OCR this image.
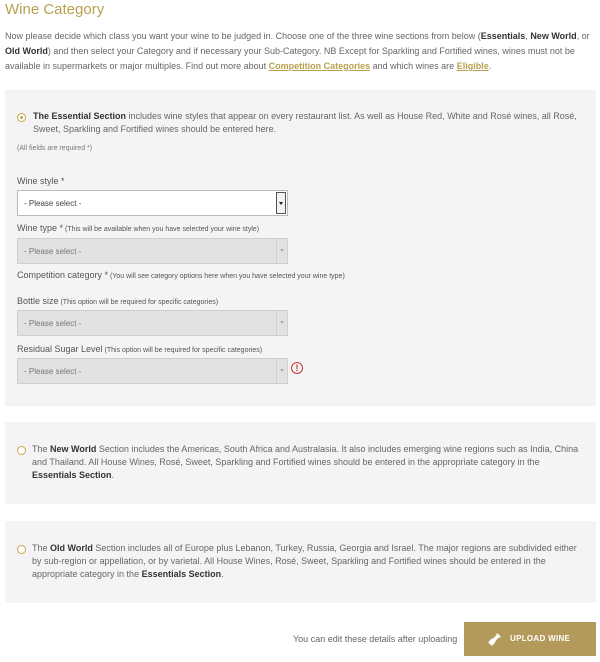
Wine Category

Now please decide which class you want your wine to be judged in. Choose one of the three wine sections from below (Essentials, New World, or Old World) and then select your Category and if necessary your Sub-Category. NB Except for Sparkling and Fortified wines, wines must not be available in supermarkets or major multiples. Find out more about Competition Categories and which wines are Eligible.

The Essential Section includes wine styles that appear on every restaurant list. As well as House Red, White and Rosé wines, all Rosé, Sweet, Sparkling and Fortified wines should be entered here.

(All fields are required *)
Wine style *
- Please select -
Wine type * (This will be available when you have selected your wine style)
- Please select -
Competition category * (You will see category options here when you have selected your wine type)
Bottle size (This option will be required for specific categories)
- Please select -
Residual Sugar Level (This option will be required for specific categories)
- Please select -	!

The New World Section includes the Americas, South Africa and Australasia. It also includes emerging wine regions such as India, China and Thailand. All House Wines, Rosé, Sweet, Sparkling and Fortified wines should be entered in the appropriate category in the Essentials Section.

The Old World Section includes all of Europe plus Lebanon, Turkey, Russia, Georgia and Israel. The major regions are subdivided either by sub-region or appellation, or by varietal. All House Wines, Rosé, Sweet, Sparkling and Fortified wines should be entered in the appropriate category in the Essentials Section.

You can edit these details after uploading	UPLOAD WINE
